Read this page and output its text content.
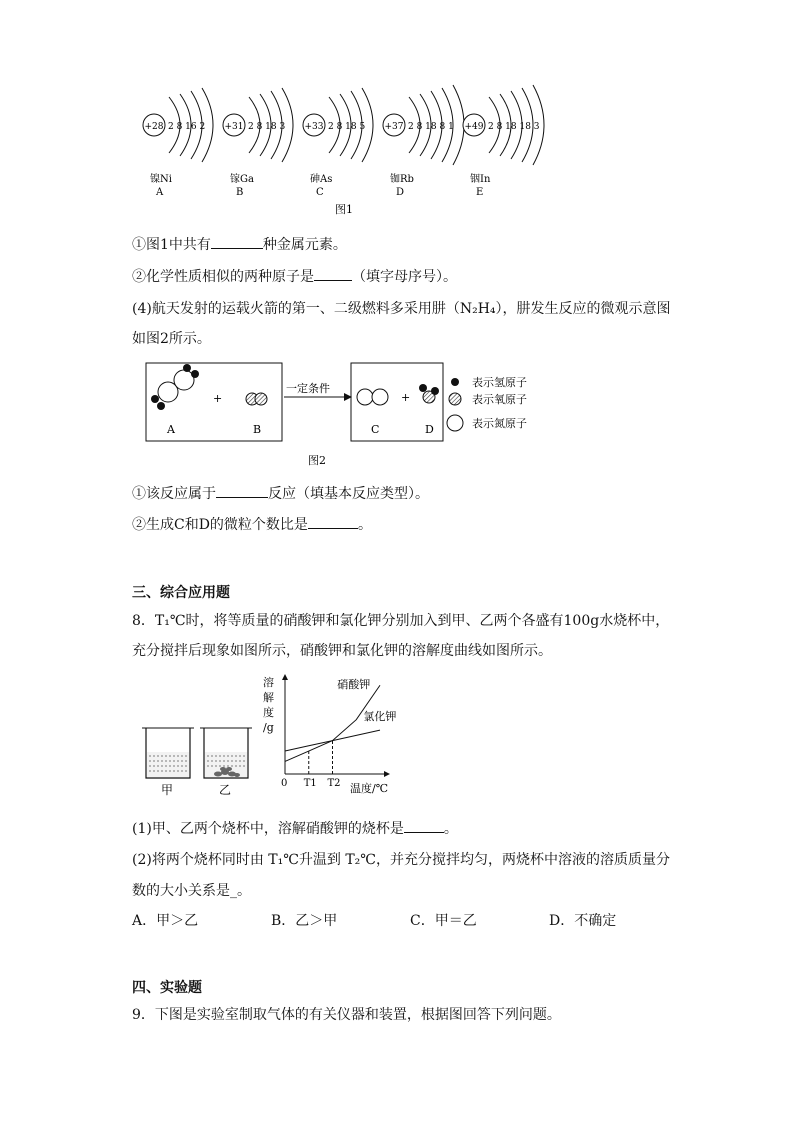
+28 2 8 16 2
镍Ni
A
+31 2 8 18 3
镓Ga
B
+33 2 8 18 5
砷As
C
+37 2 8 18 8 1
铷Rb
D
+49 2 8 18 18 3
铟In
E
图1
①图1中共有	种金属元素。
②化学性质相似的两种原子是	（填字母序号）。
(4)航天发射的运载火箭的第一、二级燃料多采用肼（N₂H₄），肼发生反应的微观示意图
如图2所示。
+
A	B
一定条件
+
C	D
表示氢原子
表示氧原子
表示氮原子
图2
①该反应属于	反应（填基本反应类型）。
②生成C和D的微粒个数比是	。
三、综合应用题
8．T₁℃时，将等质量的硝酸钾和氯化钾分别加入到甲、乙两个各盛有100g水烧杯中，
充分搅拌后现象如图所示，硝酸钾和氯化钾的溶解度曲线如图所示。
甲	乙
溶
解
度
/g
硝酸钾
氯化钾
0 T1 T2 温度/℃
(1)甲、乙两个烧杯中，溶解硝酸钾的烧杯是	。
(2)将两个烧杯同时由 T₁℃升温到 T₂℃，并充分搅拌均匀，两烧杯中溶液的溶质质量分
数的大小关系是_。
A．甲＞乙	B．乙＞甲	C．甲＝乙	D．不确定
四、实验题
9．下图是实验室制取气体的有关仪器和装置，根据图回答下列问题。
